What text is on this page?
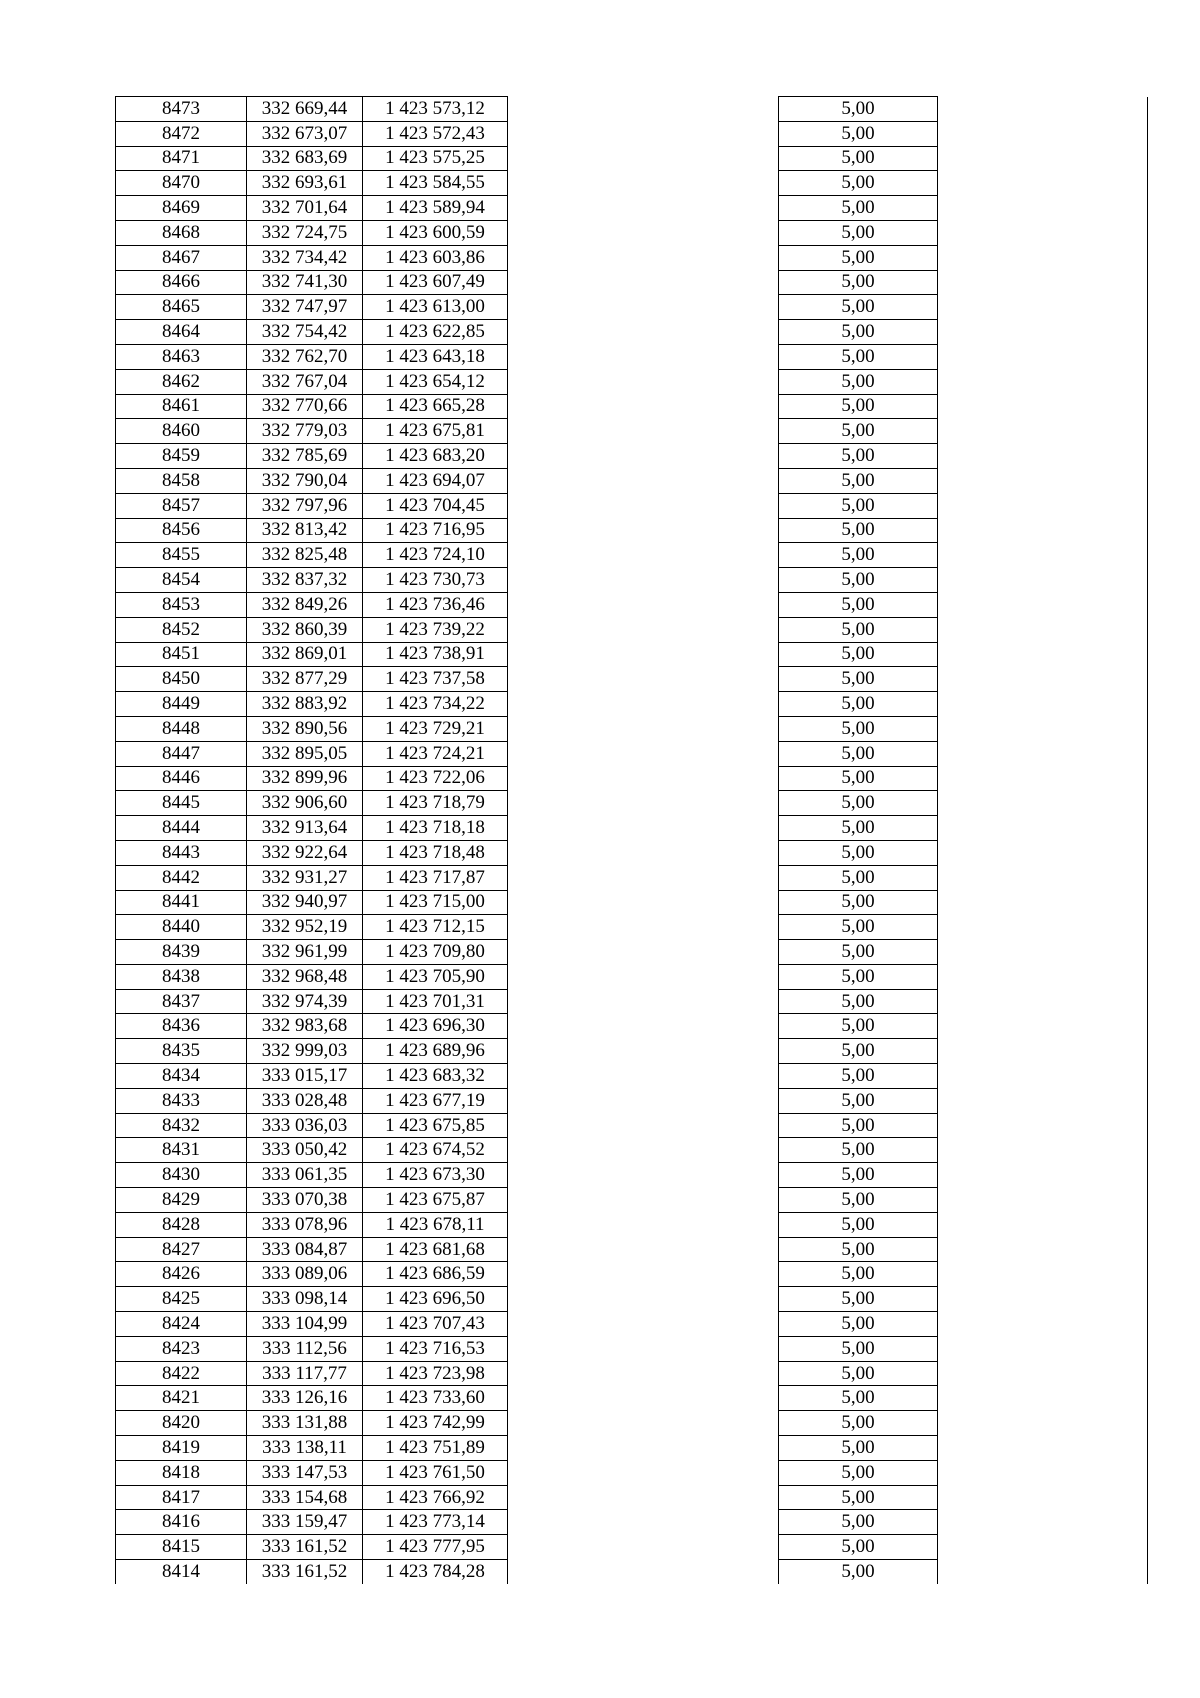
8473	332 669,44	1 423 573,12		5,00	
8472	332 673,07	1 423 572,43		5,00	
8471	332 683,69	1 423 575,25		5,00	
8470	332 693,61	1 423 584,55		5,00	
8469	332 701,64	1 423 589,94		5,00	
8468	332 724,75	1 423 600,59		5,00	
8467	332 734,42	1 423 603,86		5,00	
8466	332 741,30	1 423 607,49		5,00	
8465	332 747,97	1 423 613,00		5,00	
8464	332 754,42	1 423 622,85		5,00	
8463	332 762,70	1 423 643,18		5,00	
8462	332 767,04	1 423 654,12		5,00	
8461	332 770,66	1 423 665,28		5,00	
8460	332 779,03	1 423 675,81		5,00	
8459	332 785,69	1 423 683,20		5,00	
8458	332 790,04	1 423 694,07		5,00	
8457	332 797,96	1 423 704,45		5,00	
8456	332 813,42	1 423 716,95		5,00	
8455	332 825,48	1 423 724,10		5,00	
8454	332 837,32	1 423 730,73		5,00	
8453	332 849,26	1 423 736,46		5,00	
8452	332 860,39	1 423 739,22		5,00	
8451	332 869,01	1 423 738,91		5,00	
8450	332 877,29	1 423 737,58		5,00	
8449	332 883,92	1 423 734,22		5,00	
8448	332 890,56	1 423 729,21		5,00	
8447	332 895,05	1 423 724,21		5,00	
8446	332 899,96	1 423 722,06		5,00	
8445	332 906,60	1 423 718,79		5,00	
8444	332 913,64	1 423 718,18		5,00	
8443	332 922,64	1 423 718,48		5,00	
8442	332 931,27	1 423 717,87		5,00	
8441	332 940,97	1 423 715,00		5,00	
8440	332 952,19	1 423 712,15		5,00	
8439	332 961,99	1 423 709,80		5,00	
8438	332 968,48	1 423 705,90		5,00	
8437	332 974,39	1 423 701,31		5,00	
8436	332 983,68	1 423 696,30		5,00	
8435	332 999,03	1 423 689,96		5,00	
8434	333 015,17	1 423 683,32		5,00	
8433	333 028,48	1 423 677,19		5,00	
8432	333 036,03	1 423 675,85		5,00	
8431	333 050,42	1 423 674,52		5,00	
8430	333 061,35	1 423 673,30		5,00	
8429	333 070,38	1 423 675,87		5,00	
8428	333 078,96	1 423 678,11		5,00	
8427	333 084,87	1 423 681,68		5,00	
8426	333 089,06	1 423 686,59		5,00	
8425	333 098,14	1 423 696,50		5,00	
8424	333 104,99	1 423 707,43		5,00	
8423	333 112,56	1 423 716,53		5,00	
8422	333 117,77	1 423 723,98		5,00	
8421	333 126,16	1 423 733,60		5,00	
8420	333 131,88	1 423 742,99		5,00	
8419	333 138,11	1 423 751,89		5,00	
8418	333 147,53	1 423 761,50		5,00	
8417	333 154,68	1 423 766,92		5,00	
8416	333 159,47	1 423 773,14		5,00	
8415	333 161,52	1 423 777,95		5,00	
8414	333 161,52	1 423 784,28		5,00	
